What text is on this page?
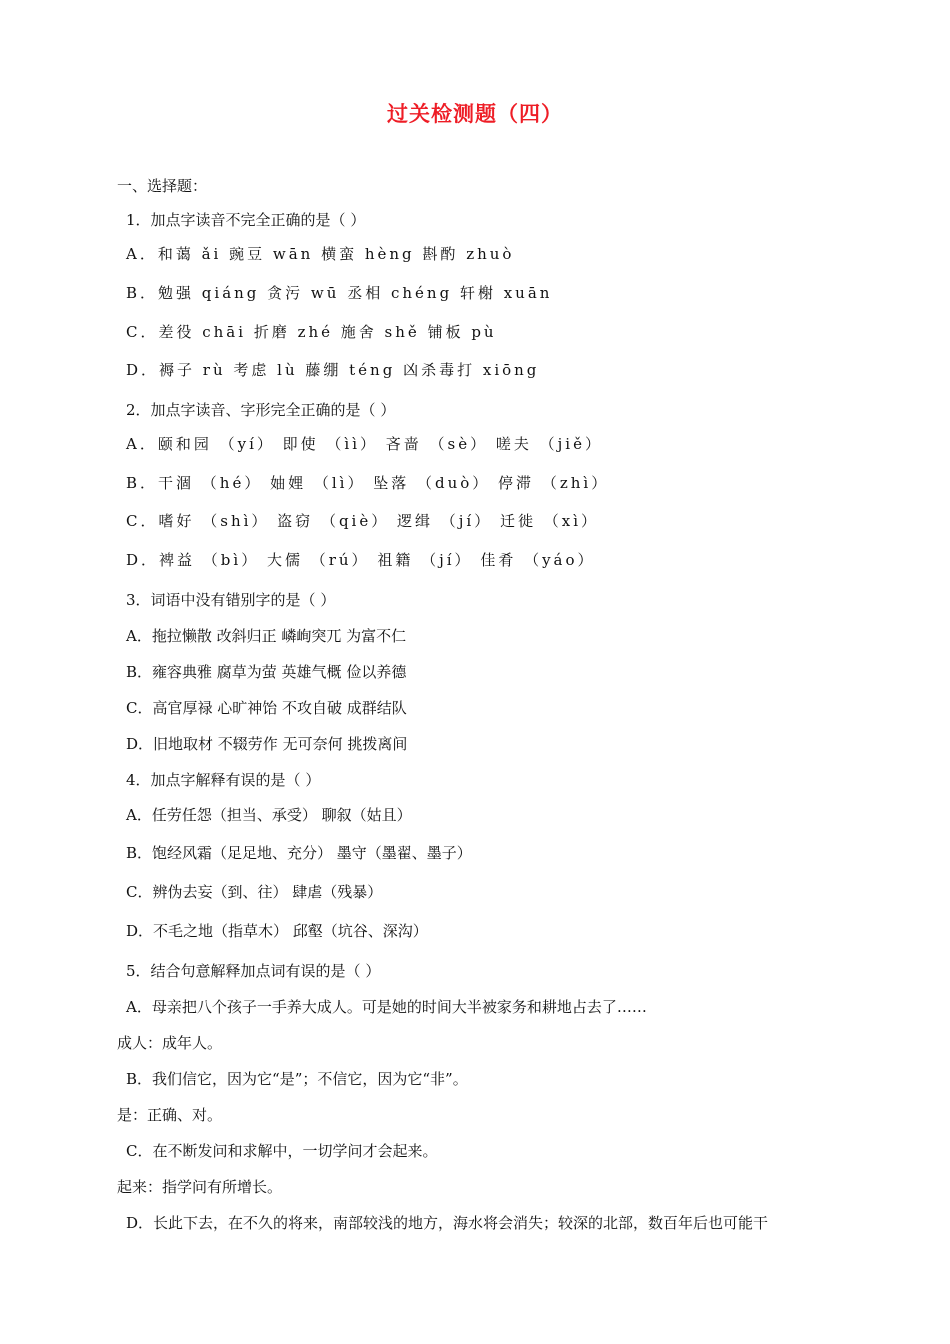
过关检测题（四）
一、选择题：
1．加点字读音不完全正确的是（ ）
A．和蔼 ǎi 豌豆 wān 横蛮 hèng 斟酌 zhuò
B．勉强 qiáng 贪污 wū 丞相 chéng 轩榭 xuān
C．差役 chāi 折磨 zhé 施舍 shě 铺板 pù
D．褥子 rù 考虑 lù 藤绷 téng 凶杀毒打 xiōng
2．加点字读音、字形完全正确的是（ ）
A．颐和园 （yí） 即使 （ìì） 吝啬 （sè） 嗟夫 （jiě）
B．干涸 （hé） 妯娌 （lì） 坠落 （duò） 停滞 （zhì）
C．嗜好 （shì） 盗窃 （qiè） 逻缉 （jí） 迁徙 （xì）
D．裨益 （bì） 大儒 （rú） 祖籍 （jí） 佳肴 （yáo）
3．词语中没有错别字的是（ ）
A．拖拉懒散 改斜归正 嶙峋突兀 为富不仁
B．雍容典雅 腐草为萤 英雄气概 俭以养德
C．高官厚禄 心旷神饴 不攻自破 成群结队
D．旧地取材 不辍劳作 无可奈何 挑拨离间
4．加点字解释有误的是（ ）
A．任劳任怨（担当、承受） 聊叙（姑且）
B．饱经风霜（足足地、充分） 墨守（墨翟、墨子）
C．辨伪去妄（到、往） 肆虐（残暴）
D．不毛之地（指草木） 邱壑（坑谷、深沟）
5．结合句意解释加点词有误的是（ ）
A．母亲把八个孩子一手养大成人。可是她的时间大半被家务和耕地占去了……
成人：成年人。
B．我们信它，因为它“是”；不信它，因为它“非”。
是：正确、对。
C．在不断发问和求解中，一切学问才会起来。
起来：指学问有所增长。
D．长此下去，在不久的将来，南部较浅的地方，海水将会消失；较深的北部，数百年后也可能干
